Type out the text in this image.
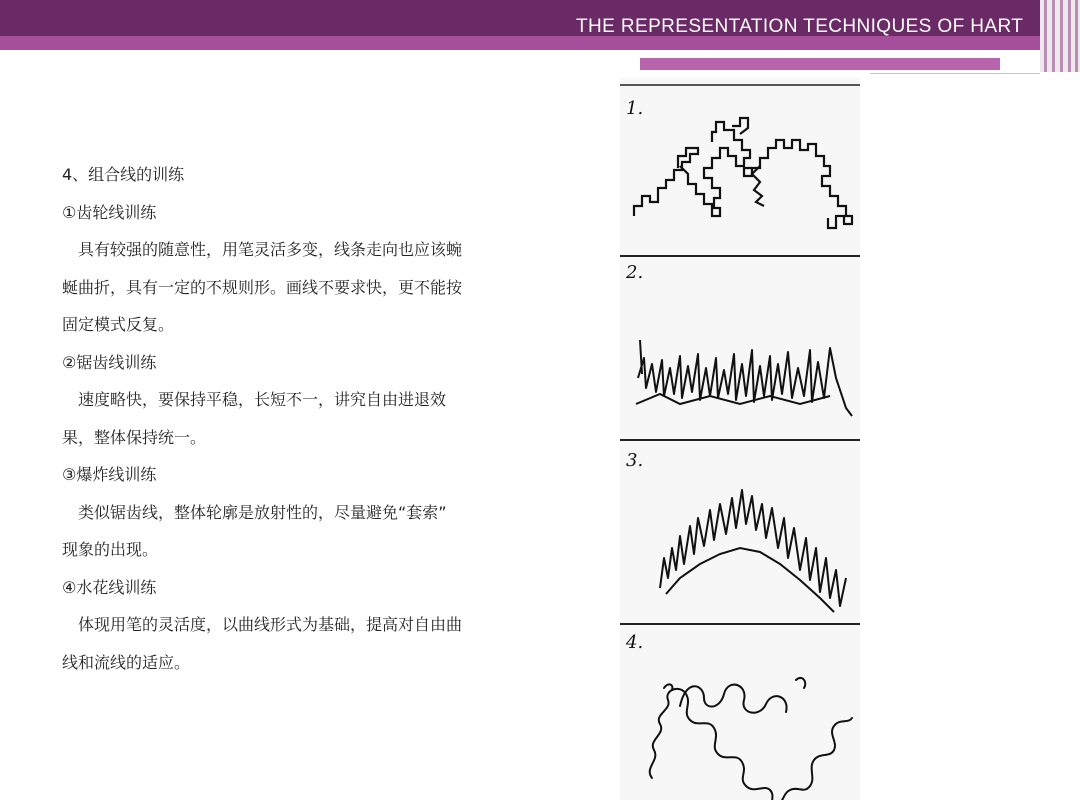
THE REPRESENTATION TECHNIQUES OF HART

4、组合线的训练

①齿轮线训练

具有较强的随意性，用笔灵活多变，线条走向也应该蜿

蜒曲折，具有一定的不规则形。画线不要求快，更不能按

固定模式反复。

②锯齿线训练

速度略快，要保持平稳，长短不一，讲究自由进退效

果，整体保持统一。

③爆炸线训练

类似锯齿线，整体轮廓是放射性的，尽量避免“套索”

现象的出现。

④水花线训练

体现用笔的灵活度，以曲线形式为基础，提高对自由曲

线和流线的适应。

1.
2.
3.
4.
